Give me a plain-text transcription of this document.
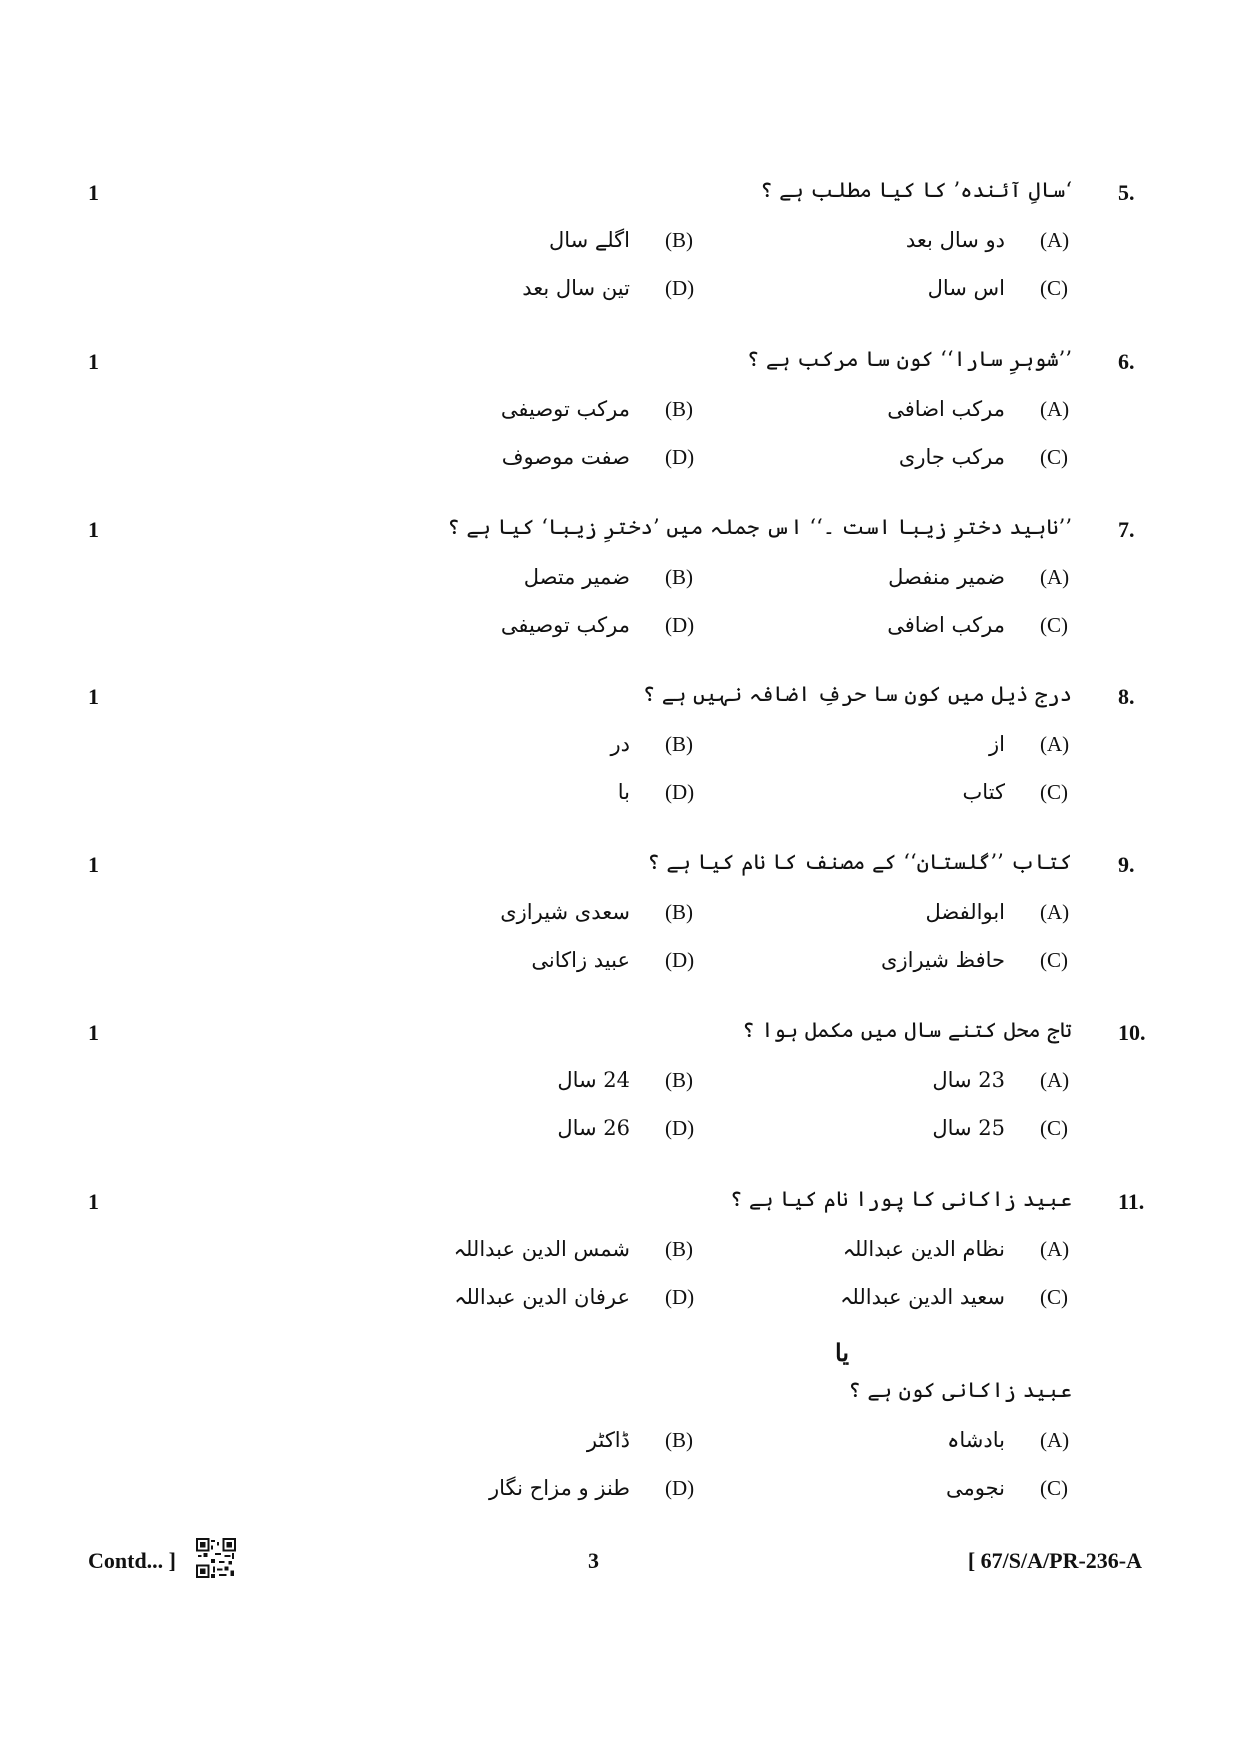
1	5.
‘سالِ آئندہ’ کا کیا مطلب ہے ؟
(A)
دو سال بعد
(B)
اگلے سال
(C)
اس سال
(D)
تین سال بعد
1	6.
’’شوہرِ سارا‘‘ کون سا مرکب ہے ؟
(A)
مرکب اضافی
(B)
مرکب توصیفی
(C)
مرکب جاری
(D)
صفت موصوف
1	7.
’’ناہید دخترِ زیبا است ۔‘‘ اس جملہ میں ’دخترِ زیبا‘ کیا ہے ؟
(A)
ضمیر منفصل
(B)
ضمیر متصل
(C)
مرکب اضافی
(D)
مرکب توصیفی
1	8.
درج ذیل میں کون سا حرفِ اضافہ نہیں ہے ؟
(A)
از
(B)
در
(C)
کتاب
(D)
با
1	9.
کتاب ’’گلستان‘‘ کے مصنف کا نام کیا ہے ؟
(A)
ابوالفضل
(B)
سعدی شیرازی
(C)
حافظ شیرازی
(D)
عبید زاکانی
1	10.
تاج محل کتنے سال میں مکمل ہوا ؟
(A)
23 سال
(B)
24 سال
(C)
25 سال
(D)
26 سال
1	11.
عبید زاکانی کا پورا نام کیا ہے ؟
(A)
نظام الدین عبداللہ
(B)
شمس الدین عبداللہ
(C)
سعید الدین عبداللہ
(D)
عرفان الدین عبداللہ
یا
عبید زاکانی کون ہے ؟
(A)
بادشاہ
(B)
ڈاکٹر
(C)
نجومی
(D)
طنز و مزاح نگار
Contd... ]	3	[ 67/S/A/PR-236-A
